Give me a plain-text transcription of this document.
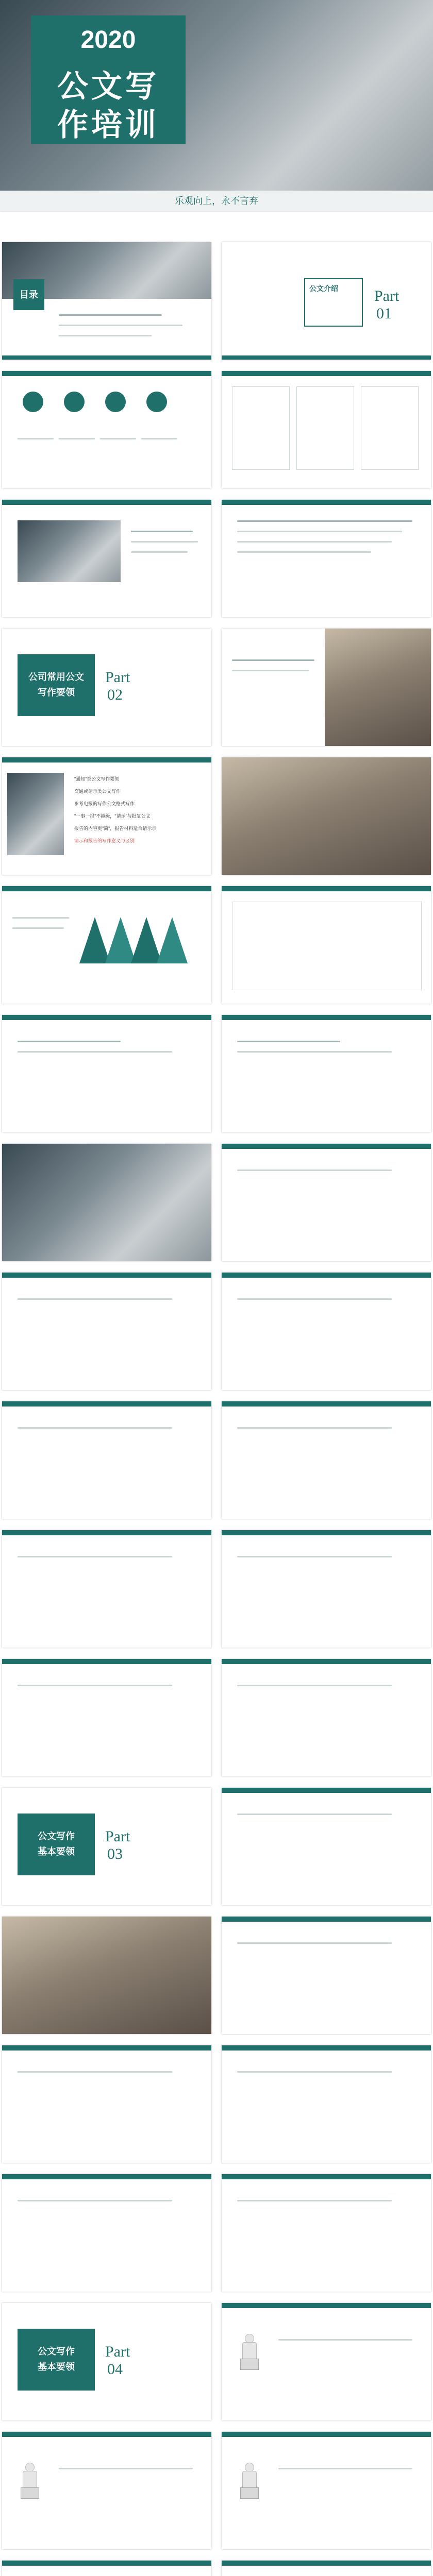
2020
公文写
作培训
乐观向上，永不言弃
目录
公文介绍 Part
01
公司常用公文
写作要领
Part
02
"通知"类公文写作要领
交通或请示类公文写作
参考电报的写作公文格式写作
"一事一报"不越级，"请示"与批复公文
报告的内容更"简"，报告材料适合请示示
请示和报告的写作意义与区别
公文写作
基本要领
Part
03
公文写作
基本要领
Part
04
